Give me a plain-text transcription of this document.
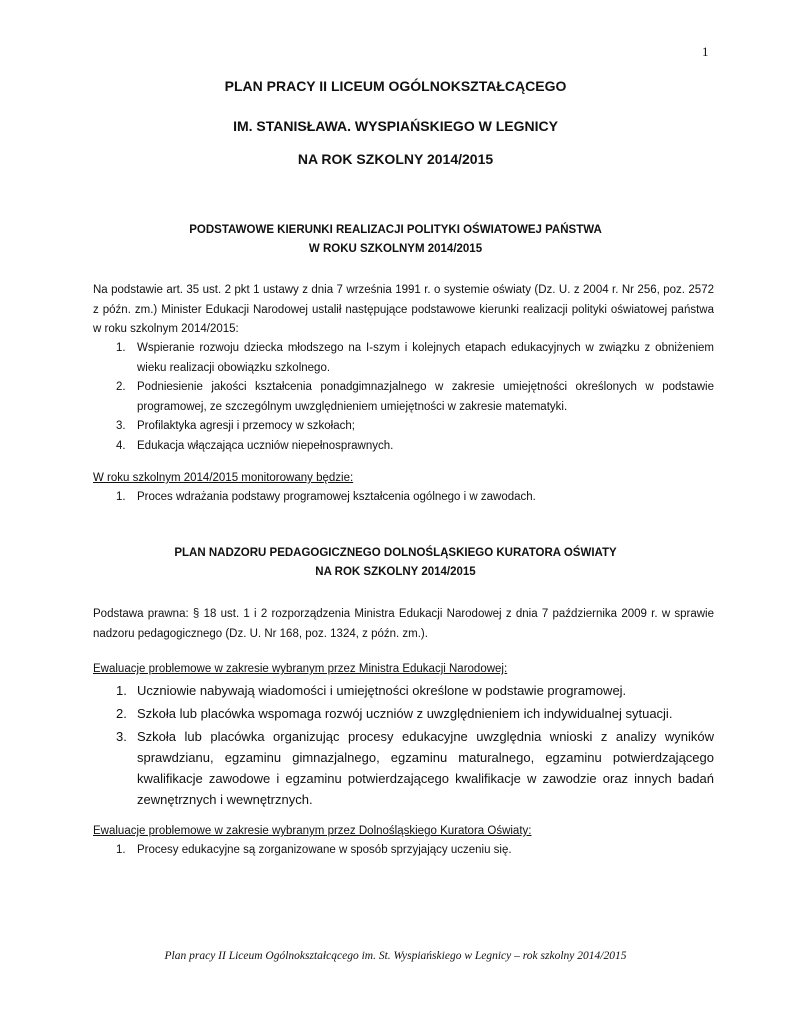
1
PLAN PRACY II LICEUM OGÓLNOKSZTAŁCĄCEGO
IM. STANISŁAWA. WYSPIAŃSKIEGO W LEGNICY
NA ROK SZKOLNY 2014/2015
PODSTAWOWE KIERUNKI REALIZACJI POLITYKI OŚWIATOWEJ PAŃSTWA
W ROKU SZKOLNYM 2014/2015
Na podstawie art. 35 ust. 2 pkt 1 ustawy z dnia 7 września 1991 r. o systemie oświaty (Dz. U. z 2004 r. Nr 256, poz. 2572 z późn. zm.) Minister Edukacji Narodowej ustalił następujące podstawowe kierunki realizacji polityki oświatowej państwa w roku szkolnym 2014/2015:
1. Wspieranie rozwoju dziecka młodszego na I-szym i kolejnych etapach edukacyjnych w związku z obniżeniem wieku realizacji obowiązku szkolnego.
2. Podniesienie jakości kształcenia ponadgimnazjalnego w zakresie umiejętności określonych w podstawie programowej, ze szczególnym uwzględnieniem umiejętności w zakresie matematyki.
3. Profilaktyka agresji i przemocy w szkołach;
4. Edukacja włączająca uczniów niepełnosprawnych.
W roku szkolnym 2014/2015 monitorowany będzie:
1. Proces wdrażania podstawy programowej kształcenia ogólnego i w zawodach.
PLAN NADZORU PEDAGOGICZNEGO DOLNOŚLĄSKIEGO KURATORA OŚWIATY
NA ROK SZKOLNY 2014/2015
Podstawa prawna: § 18 ust. 1 i 2 rozporządzenia Ministra Edukacji Narodowej z dnia 7 października 2009 r. w sprawie nadzoru pedagogicznego (Dz. U. Nr 168, poz. 1324, z późn. zm.).
Ewaluacje problemowe w zakresie wybranym przez Ministra Edukacji Narodowej:
1. Uczniowie nabywają wiadomości i umiejętności określone w podstawie programowej.
2. Szkoła lub placówka wspomaga rozwój uczniów z uwzględnieniem ich indywidualnej sytuacji.
3. Szkoła lub placówka organizując procesy edukacyjne uwzględnia wnioski z analizy wyników sprawdzianu, egzaminu gimnazjalnego, egzaminu maturalnego, egzaminu potwierdzającego kwalifikacje zawodowe i egzaminu potwierdzającego kwalifikacje w zawodzie oraz innych badań zewnętrznych i wewnętrznych.
Ewaluacje problemowe w zakresie wybranym przez Dolnośląskiego Kuratora Oświaty:
1. Procesy edukacyjne są zorganizowane w sposób sprzyjający uczeniu się.
Plan pracy II Liceum Ogólnokształcącego im. St. Wyspiańskiego w Legnicy – rok szkolny 2014/2015
